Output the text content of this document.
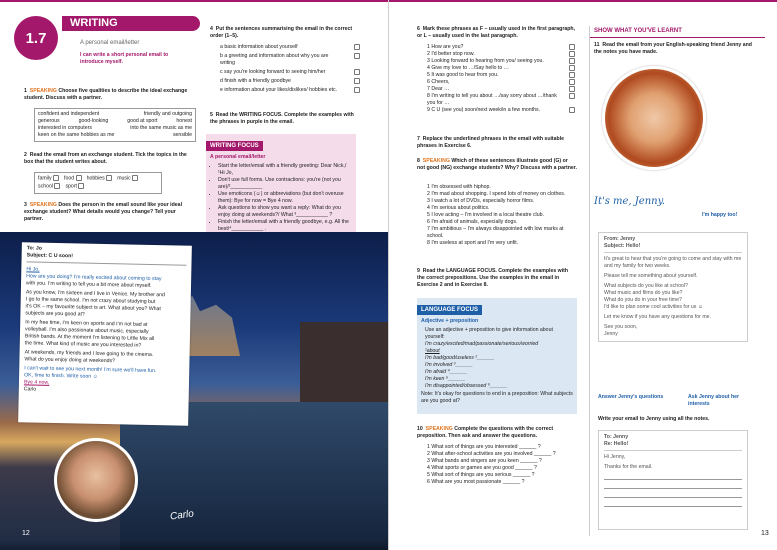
1.7
WRITING
A personal email/letter
I can write a short personal email to introduce myself.
1 SPEAKING Choose five qualities to describe the ideal exchange student. Discuss with a partner.
confident and independent	friendly and outgoing
generous	good-looking	good at sport	honest
interested in computers	into the same music as me
keen on the same hobbies as me	sensible
2 Read the email from an exchange student. Tick the topics in the box that the student writes about.
family	food	hobbies	music
school	sport
3 SPEAKING Does the person in the email sound like your ideal exchange student? What details would you change? Tell your partner.
4 Put the sentences summarising the email in the correct order (1–5).
a basic information about yourself
b a greeting and information about why you are writing
c say you're looking forward to seeing him/her
d finish with a friendly goodbye
e information about your likes/dislikes/ hobbies etc.
5 Read the WRITING FOCUS. Complete the examples with the phrases in purple in the email.
WRITING FOCUS
A personal email/letter
• Start the letter/email with a friendly greeting: Dear Nick,/¹Hi Jo,
• Don't use full forms. Use contractions: you're (not you are)/²___________
• Use emoticons (☺) or abbreviations (but don't overuse them): Bye for now = Bye 4 now.
• Ask questions to show you want a reply: What do you enjoy doing at weekends?/ What ³___________ ?
• Finish the letter/email with a friendly goodbye, e.g. All the best/⁴___________ .
To: Jo
Subject: C U soon!
Hi Jo,
How are you doing? I'm really excited about coming to stay
with you. I'm writing to tell you a bit more about myself.
As you know, I'm sixteen and I live in Venice. My brother and
I go to the same school. I'm not crazy about studying but
it's OK – my favourite subject is art. What about you? What
subjects are you good at?
In my free time, I'm keen on sports and I'm not bad at
volleyball. I'm also passionate about music, especially
British bands. At the moment I'm listening to Little Mix all
the time. What kind of music are you interested in?
At weekends, my friends and I love going to the cinema.
What do you enjoy doing at weekends?
I can't wait to see you next month! I'm sure we'll have fun.
OK, time to finish. Write soon ☺
Bye 4 now,
Carlo
Carlo
12
6 Mark these phrases as F – usually used in the first paragraph, or L – usually used in the last paragraph.
1 How are you?
2 I'd better stop now.
3 Looking forward to hearing from you/ seeing you.
4 Give my love to …/Say hello to …
5 It was good to hear from you.
6 Cheers,
7 Dear …
8 I'm writing to tell you about …/say sorry about …/thank you for …
9 C U (see you) soon/next week/in a few months.
7 Replace the underlined phrases in the email with suitable phrases in Exercise 6.
8 SPEAKING Which of these sentences illustrate good (G) or not good (NG) exchange students? Why? Discuss with a partner.
1 I'm obsessed with hiphop.
2 I'm mad about shopping. I spend lots of money on clothes.
3 I watch a lot of DVDs, especially horror films.
4 I'm serious about politics.
5 I love acting – I'm involved in a local theatre club.
6 I'm afraid of animals, especially dogs.
7 I'm ambitious – I'm always disappointed with low marks at school.
8 I'm useless at sport and I'm very unfit.
9 Read the LANGUAGE FOCUS. Complete the examples with the correct prepositions. Use the examples in the email in Exercise 2 and in Exercise 8.
LANGUAGE FOCUS
Adjective + preposition
Use an adjective + preposition to give information about yourself:
I'm crazy/excited/mad/passionate/serious/worried
¹about
I'm bad/good/useless ²______
I'm involved ³______
I'm afraid ⁴______
I'm keen ⁵______
I'm disappointed/obsessed ⁶______
Note: It's okay for questions to end in a preposition: What subjects are you good at?
10 SPEAKING Complete the questions with the correct preposition. Then ask and answer the questions.
1 What sort of things are you interested ______ ?
2 What after-school activities are you involved ______ ?
3 What bands and singers are you keen ______ ?
4 What sports or games are you good ______ ?
5 What sort of things are you serious ______ ?
6 What are you most passionate ______ ?
SHOW WHAT YOU'VE LEARNT
11 Read the email from your English-speaking friend Jenny and the notes you have made.
It's me, Jenny.
I'm happy too!
From: Jenny
Subject: Hello!
It's great to hear that you're going to come and stay with me and my family for two weeks.
Please tell me something about yourself.
What subjects do you like at school?
What music and films do you like?
What do you do in your free time?
I'd like to plan some cool activities for us ☺
Let me know if you have any questions for me.
See you soon,
Jenny
Answer Jenny's questions	Ask Jenny about her interests
Write your email to Jenny using all the notes.
To: Jenny
Re: Hello!
Hi Jenny,
Thanks for the email.
13
